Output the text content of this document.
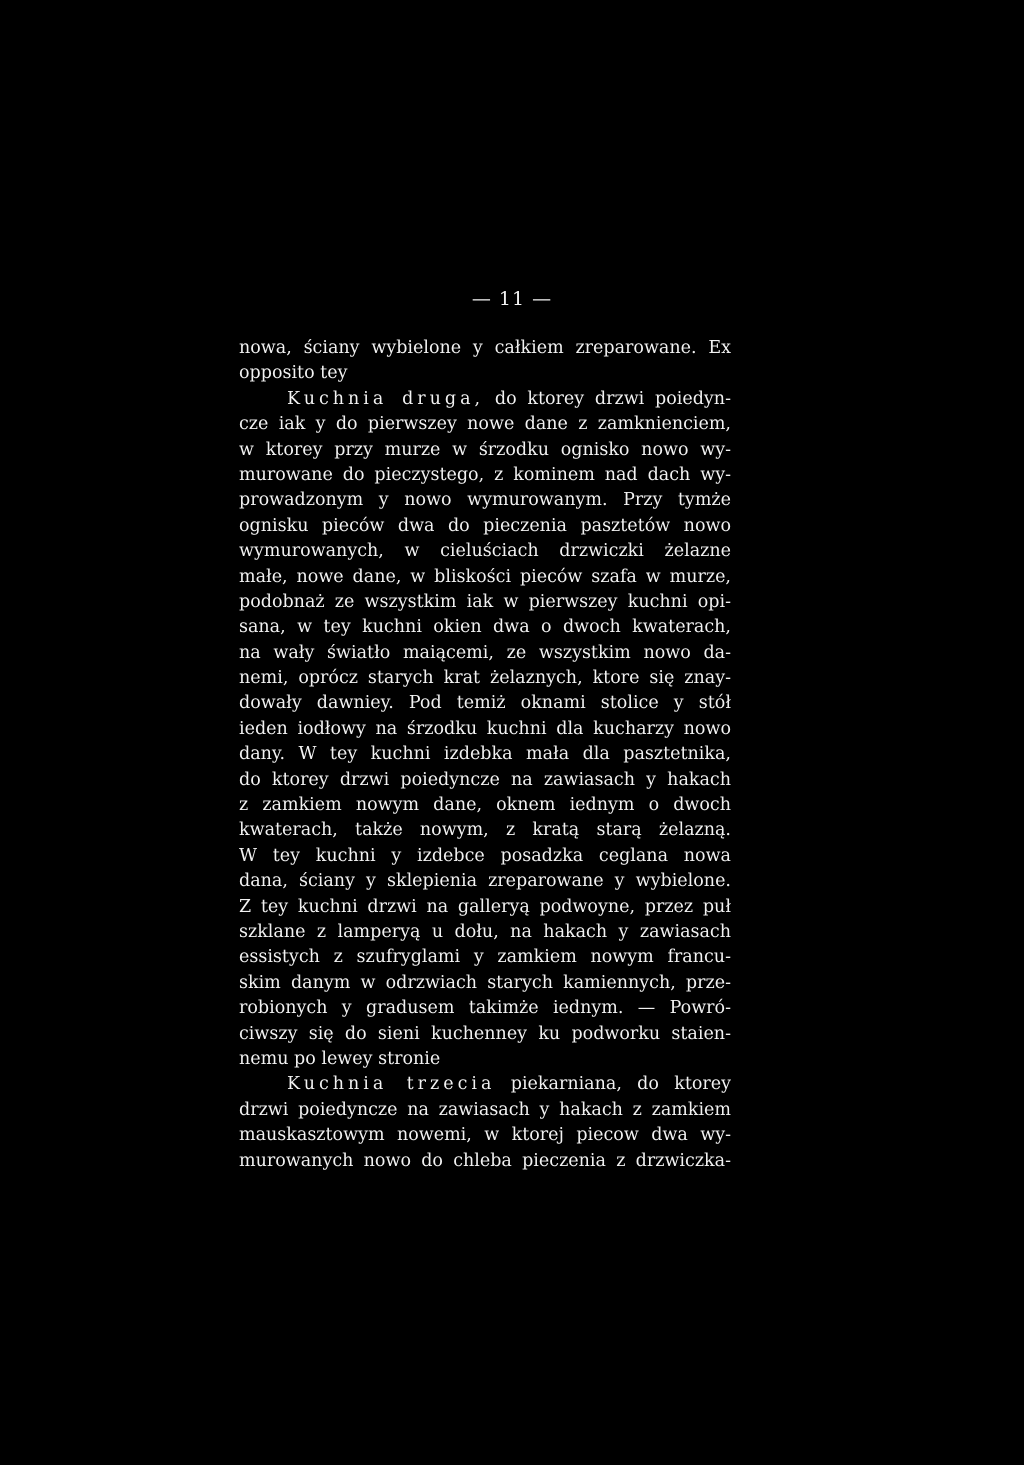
— 11 —
nowa, ściany wybielone y całkiem zreparowane. Ex
opposito tey
Kuchnia druga, do ktorey drzwi poiedyn-
cze iak y do pierwszey nowe dane z zamknienciem,
w ktorey przy murze w śrzodku ognisko nowo wy-
murowane do pieczystego, z kominem nad dach wy-
prowadzonym y nowo wymurowanym. Przy tymże
ognisku pieców dwa do pieczenia pasztetów nowo
wymurowanych, w cieluściach drzwiczki żelazne
małe, nowe dane, w bliskości pieców szafa w murze,
podobnaż ze wszystkim iak w pierwszey kuchni opi-
sana, w tey kuchni okien dwa o dwoch kwaterach,
na wały światło maiącemi, ze wszystkim nowo da-
nemi, oprócz starych krat żelaznych, ktore się znay-
dowały dawniey. Pod temiż oknami stolice y stół
ieden iodłowy na śrzodku kuchni dla kucharzy nowo
dany. W tey kuchni izdebka mała dla pasztetnika,
do ktorey drzwi poiedyncze na zawiasach y hakach
z zamkiem nowym dane, oknem iednym o dwoch
kwaterach, także nowym, z kratą starą żelazną.
W tey kuchni y izdebce posadzka ceglana nowa
dana, ściany y sklepienia zreparowane y wybielone.
Z tey kuchni drzwi na galleryą podwoyne, przez puł
szklane z lamperyą u dołu, na hakach y zawiasach
essistych z szufryglami y zamkiem nowym francu-
skim danym w odrzwiach starych kamiennych, prze-
robionych y gradusem takimże iednym. — Powró-
ciwszy się do sieni kuchenney ku podworku staien-
nemu po lewey stronie
Kuchnia trzecia piekarniana, do ktorey
drzwi poiedyncze na zawiasach y hakach z zamkiem
mauskasztowym nowemi, w ktorej piecow dwa wy-
murowanych nowo do chleba pieczenia z drzwiczka-
